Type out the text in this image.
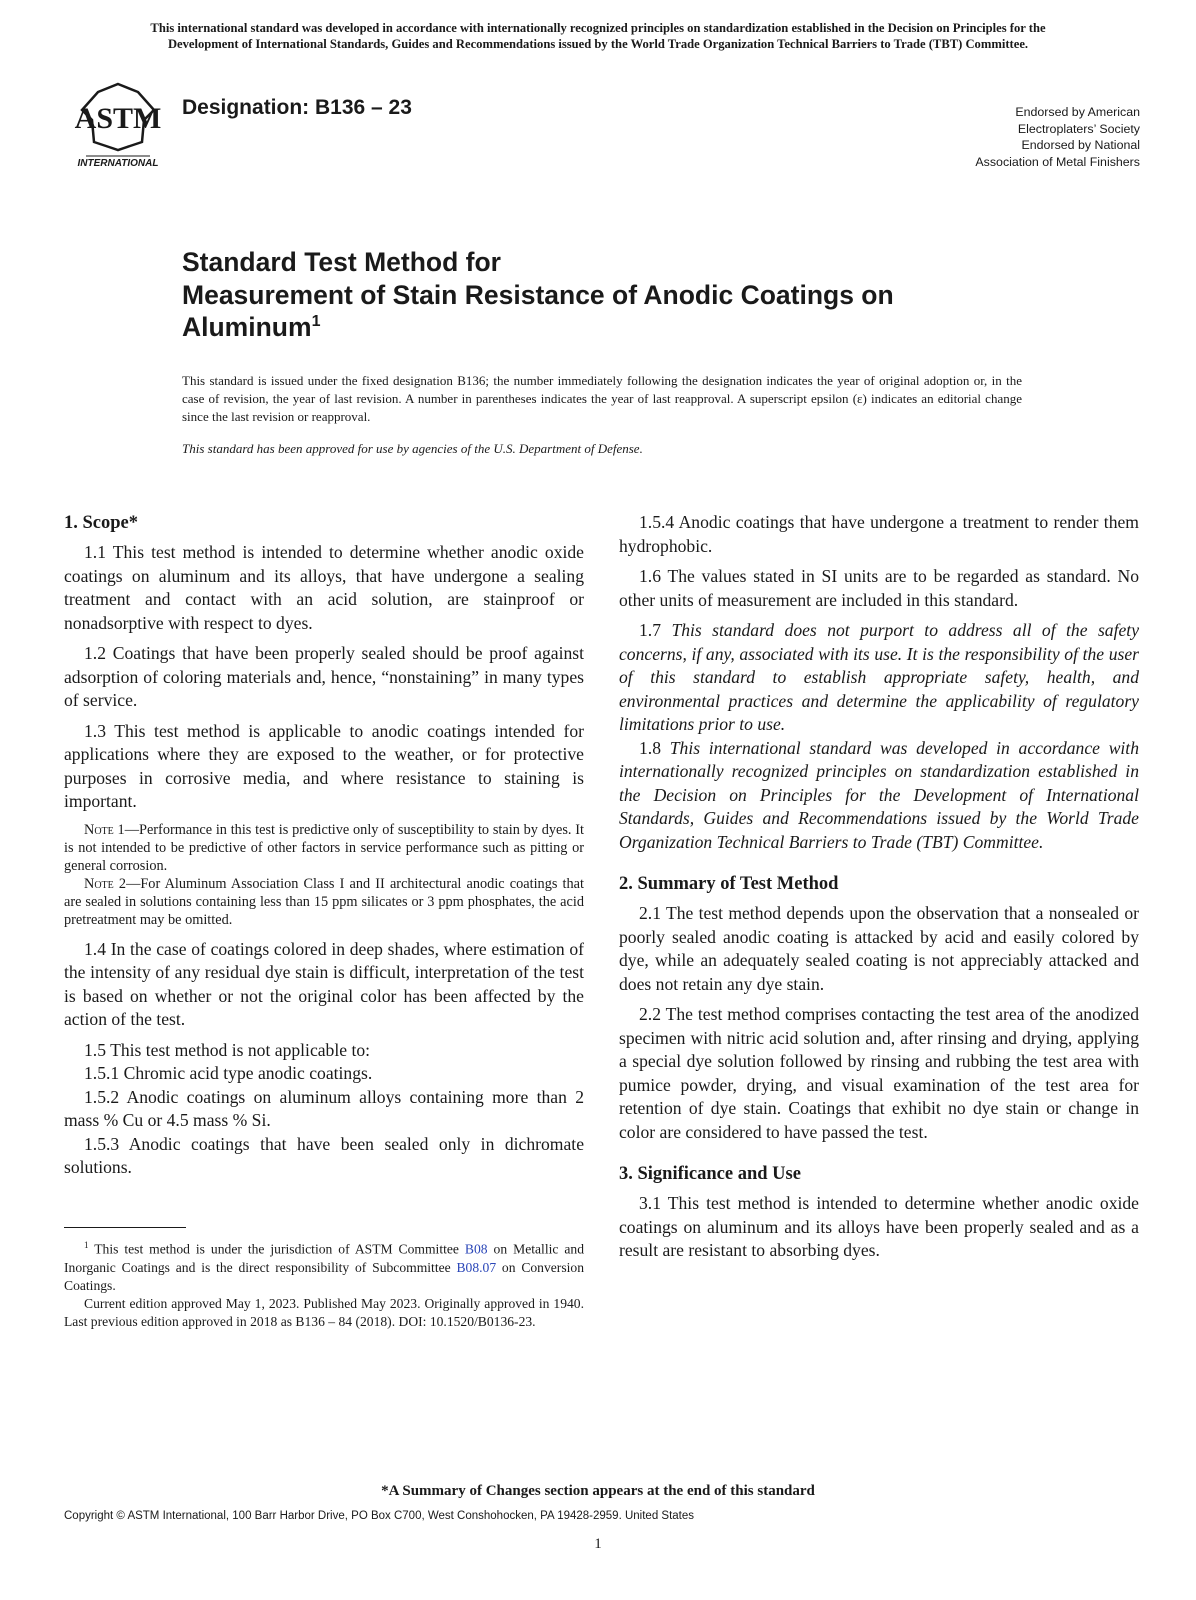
This international standard was developed in accordance with internationally recognized principles on standardization established in the Decision on Principles for the
Development of International Standards, Guides and Recommendations issued by the World Trade Organization Technical Barriers to Trade (TBT) Committee.
ASTM
INTERNATIONAL
Designation: B136 – 23	Endorsed by American
Electroplaters’ Society
Endorsed by National
Association of Metal Finishers
Standard Test Method for
Measurement of Stain Resistance of Anodic Coatings on
Aluminum$^1$
This standard is issued under the fixed designation B136; the number immediately following the designation indicates the year of original adoption or, in the case of revision, the year of last revision. A number in parentheses indicates the year of last reapproval. A superscript epsilon (ε) indicates an editorial change since the last revision or reapproval.
This standard has been approved for use by agencies of the U.S. Department of Defense.
1. Scope*

1.1 This test method is intended to determine whether anodic oxide coatings on aluminum and its alloys, that have undergone a sealing treatment and contact with an acid solution, are stainproof or nonadsorptive with respect to dyes.

1.2 Coatings that have been properly sealed should be proof against adsorption of coloring materials and, hence, “nonstaining” in many types of service.

1.3 This test method is applicable to anodic coatings intended for applications where they are exposed to the weather, or for protective purposes in corrosive media, and where resistance to staining is important.

Note 1—Performance in this test is predictive only of susceptibility to stain by dyes. It is not intended to be predictive of other factors in service performance such as pitting or general corrosion.
Note 2—For Aluminum Association Class I and II architectural anodic coatings that are sealed in solutions containing less than 15 ppm silicates or 3 ppm phosphates, the acid pretreatment may be omitted.

1.4 In the case of coatings colored in deep shades, where estimation of the intensity of any residual dye stain is difficult, interpretation of the test is based on whether or not the original color has been affected by the action of the test.

1.5 This test method is not applicable to:

1.5.1 Chromic acid type anodic coatings.

1.5.2 Anodic coatings on aluminum alloys containing more than 2 mass % Cu or 4.5 mass % Si.

1.5.3 Anodic coatings that have been sealed only in dichromate solutions.

$^1$ This test method is under the jurisdiction of ASTM Committee B08 on Metallic and Inorganic Coatings and is the direct responsibility of Subcommittee B08.07 on Conversion Coatings.

Current edition approved May 1, 2023. Published May 2023. Originally approved in 1940. Last previous edition approved in 2018 as B136 – 84 (2018). DOI: 10.1520/B0136-23.

1.5.4 Anodic coatings that have undergone a treatment to render them hydrophobic.

1.6 The values stated in SI units are to be regarded as standard. No other units of measurement are included in this standard.

1.7 This standard does not purport to address all of the safety concerns, if any, associated with its use. It is the responsibility of the user of this standard to establish appropriate safety, health, and environmental practices and determine the applicability of regulatory limitations prior to use.

1.8 This international standard was developed in accordance with internationally recognized principles on standardization established in the Decision on Principles for the Development of International Standards, Guides and Recommendations issued by the World Trade Organization Technical Barriers to Trade (TBT) Committee.

2. Summary of Test Method

2.1 The test method depends upon the observation that a nonsealed or poorly sealed anodic coating is attacked by acid and easily colored by dye, while an adequately sealed coating is not appreciably attacked and does not retain any dye stain.

2.2 The test method comprises contacting the test area of the anodized specimen with nitric acid solution and, after rinsing and drying, applying a special dye solution followed by rinsing and rubbing the test area with pumice powder, drying, and visual examination of the test area for retention of dye stain. Coatings that exhibit no dye stain or change in color are considered to have passed the test.

3. Significance and Use

3.1 This test method is intended to determine whether anodic oxide coatings on aluminum and its alloys have been properly sealed and as a result are resistant to absorbing dyes.

*A Summary of Changes section appears at the end of this standard
Copyright © ASTM International, 100 Barr Harbor Drive, PO Box C700, West Conshohocken, PA 19428-2959. United States
1
